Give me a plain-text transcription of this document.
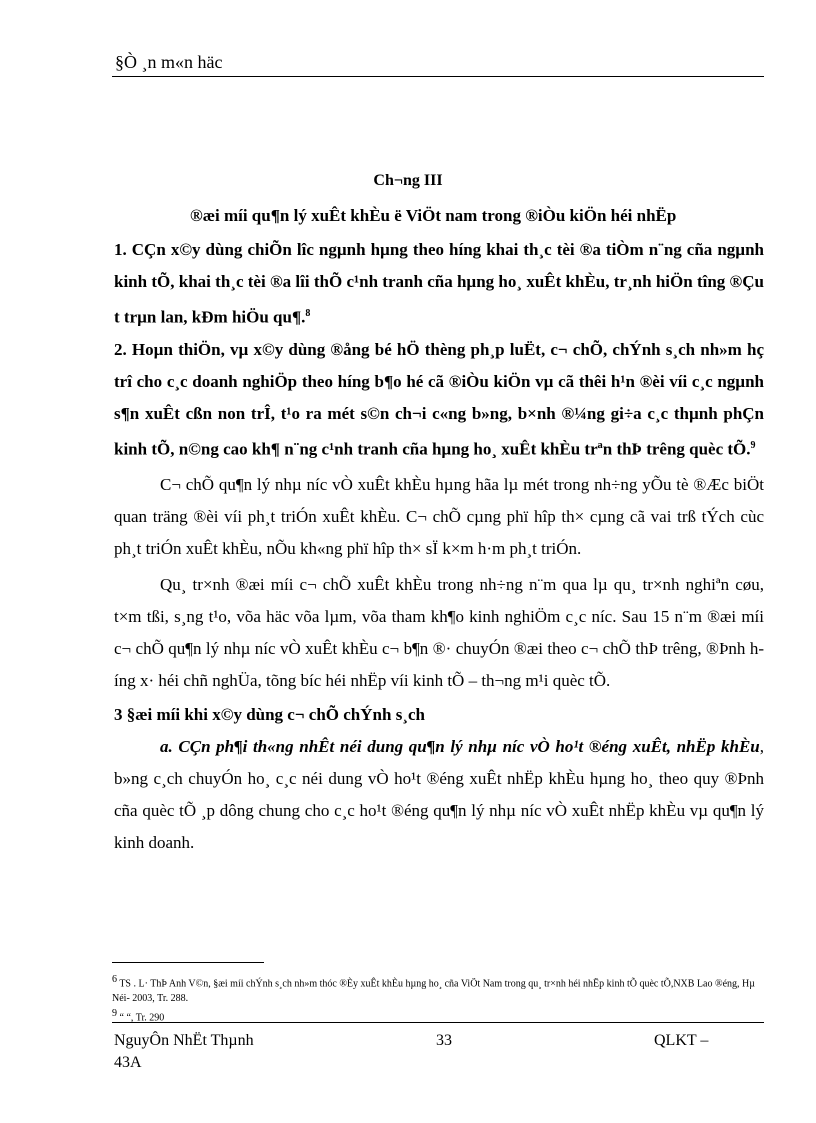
§Ò ¸n m«n häc
Ch¬ng III
®æi míi qu¶n lý xuÊt khÈu ë ViÖt nam trong ®iÒu kiÖn héi nhËp

1. CÇn x©y dùng chiÕn lîc ngµnh hµng theo híng khai th¸c tèi ®a tiÒm n¨ng cña ngµnh kinh tÕ, khai th¸c tèi ®a lîi thÕ c¹nh tranh cña hµng ho¸ xuÊt khÈu, tr¸nh hiÖn tîng ®Çu t trµn lan, kÐm hiÖu qu¶.$^8$

2. Hoµn thiÖn, vµ x©y dùng ®ång bé hÖ thèng ph¸p luËt, c¬ chÕ, chÝnh s¸ch nh»m hç trî cho c¸c doanh nghiÖp theo híng b¶o hé cã ®iÒu kiÖn vµ cã thêi h¹n ®èi víi c¸c ngµnh s¶n xuÊt cßn non trÎ, t¹o ra mét s©n ch¬i c«ng b»ng, b×nh ®¼ng gi÷a c¸c thµnh phÇn kinh tÕ, n©ng cao kh¶ n¨ng c¹nh tranh cña hµng ho¸ xuÊt khÈu trªn thÞ trêng quèc tÕ.$^9$

C¬ chÕ qu¶n lý nhµ níc vÒ xuÊt khÈu hµng hãa lµ mét trong nh÷ng yÕu tè ®Æc biÖt quan träng ®èi víi ph¸t triÓn xuÊt khÈu. C¬ chÕ cµng phï hîp th× cµng cã vai trß tÝch cùc ph¸t triÓn xuÊt khÈu, nÕu kh«ng phï hîp th× sÏ k×m h·m ph¸t triÓn.

Qu¸ tr×nh ®æi míi c¬ chÕ xuÊt khÈu trong nh÷ng n¨m qua lµ qu¸ tr×nh nghiªn cøu, t×m tßi, s¸ng t¹o, võa häc võa lµm, võa tham kh¶o kinh nghiÖm c¸c níc. Sau 15 n¨m ®æi míi c¬ chÕ qu¶n lý nhµ níc vÒ xuÊt khÈu c¬ b¶n ®· chuyÓn ®æi theo c¬ chÕ thÞ trêng, ®Þnh híng x· héi chñ nghÜa, tõng bíc héi nhËp víi kinh tÕ – th¬ng m¹i quèc tÕ.

3 §æi míi khi x©y dùng c¬ chÕ chÝnh s¸ch

a. CÇn ph¶i th«ng nhÊt néi dung qu¶n lý nhµ níc vÒ ho¹t ®éng xuÊt, nhËp khÈu, b»ng c¸ch chuyÓn ho¸ c¸c néi dung vÒ ho¹t ®éng xuÊt nhËp khÈu hµng ho¸ theo quy ®Þnh cña quèc tÕ ¸p dông chung cho c¸c ho¹t ®éng qu¶n lý nhµ níc vÒ xuÊt nhËp khÈu vµ qu¶n lý kinh doanh.

$^6$ TS . L· ThÞ Anh V©n, §æi míi chÝnh s¸ch nh»m thóc ®Èy xuÊt khÈu hµng ho¸ cña ViÖt Nam trong qu¸ tr×nh héi nhËp kinh tÕ quèc tÕ,NXB Lao ®éng, Hµ Néi- 2003, Tr. 288.
$^9$ “ “, Tr. 290
NguyÔn NhËt Thµnh
43A
33	QLKT –
